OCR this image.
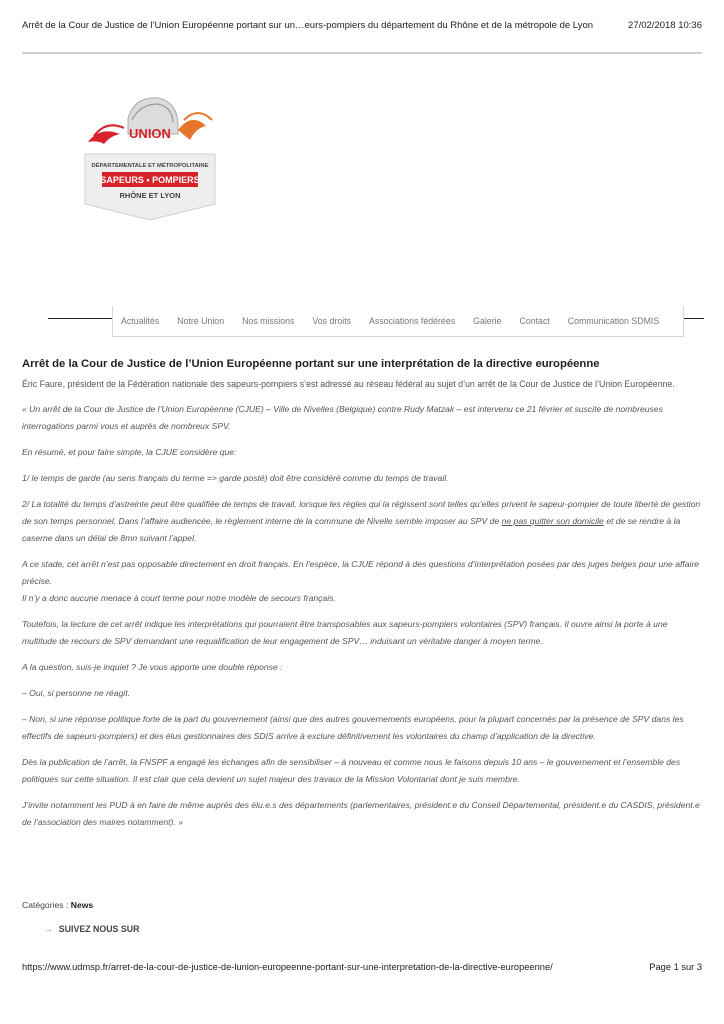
Arrêt de la Cour de Justice de l’Union Européenne portant sur un…eurs-pompiers du département du Rhône et de la métropole de Lyon	27/02/2018 10:36
UNION
DÉPARTEMENTALE ET MÉTROPOLITAINE
SAPEURS • POMPIERS
RHÔNE ET LYON
Actualités Notre Union Nos missions Vos droits Associations fédérées Galerie Contact Communication SDMIS
Arrêt de la Cour de Justice de l’Union Européenne portant sur une interprétation de la directive européenne

Éric Faure, président de la Fédération nationale des sapeurs-pompiers s’est adressé au réseau fédéral au sujet d’un arrêt de la Cour de Justice de l’Union Européenne.

« Un arrêt de la Cour de Justice de l’Union Européenne (CJUE) – Ville de Nivelles (Belgique) contre Rudy Matzak – est intervenu ce 21 février et suscite de nombreuses interrogations parmi vous et auprès de nombreux SPV.

En résumé, et pour faire simple, la CJUE considère que:

1/ le temps de garde (au sens français du terme => garde posté) doit être considéré comme du temps de travail.

2/ La totalité du temps d’astreinte peut être qualifiée de temps de travail, lorsque les règles qui la régissent sont telles qu’elles privent le sapeur-pompier de toute liberté de gestion de son temps personnel. Dans l’affaire audiencée, le règlement interne de la commune de Nivelle semble imposer au SPV de ne pas quitter son domicile et de se rendre à la caserne dans un délai de 8mn suivant l’appel.

A ce stade, cet arrêt n’est pas opposable directement en droit français. En l’espèce, la CJUE répond à des questions d’interprétation posées par des juges belges pour une affaire précise.
Il n’y a donc aucune menace à court terme pour notre modèle de secours français.

Toutefois, la lecture de cet arrêt indique les interprétations qui pourraient être transposables aux sapeurs-pompiers volontaires (SPV) français. Il ouvre ainsi la porte à une multitude de recours de SPV demandant une requalification de leur engagement de SPV… induisant un véritable danger à moyen terme.

A la question, suis-je inquiet ? Je vous apporte une double réponse :

– Oui, si personne ne réagit.

– Non, si une réponse politique forte de la part du gouvernement (ainsi que des autres gouvernements européens, pour la plupart concernés par la présence de SPV dans les effectifs de sapeurs-pompiers) et des élus gestionnaires des SDIS arrive à exclure définitivement les volontaires du champ d’application de la directive.

Dès la publication de l’arrêt, la FNSPF a engagé les échanges afin de sensibiliser – à nouveau et comme nous le faisons depuis 10 ans – le gouvernement et l’ensemble des politiques sur cette situation. Il est clair que cela devient un sujet majeur des travaux de la Mission Volontariat dont je suis membre.

J’invite notamment les PUD à en faire de même auprès des élu.e.s des départements (parlementaires, président.e du Conseil Départemental, président.e du CASDIS, président.e de l’association des maires notamment). »

Catégories : News
→ SUIVEZ NOUS SUR
https://www.udmsp.fr/arret-de-la-cour-de-justice-de-lunion-europeenne-portant-sur-une-interpretation-de-la-directive-europeenne/	Page 1 sur 3
